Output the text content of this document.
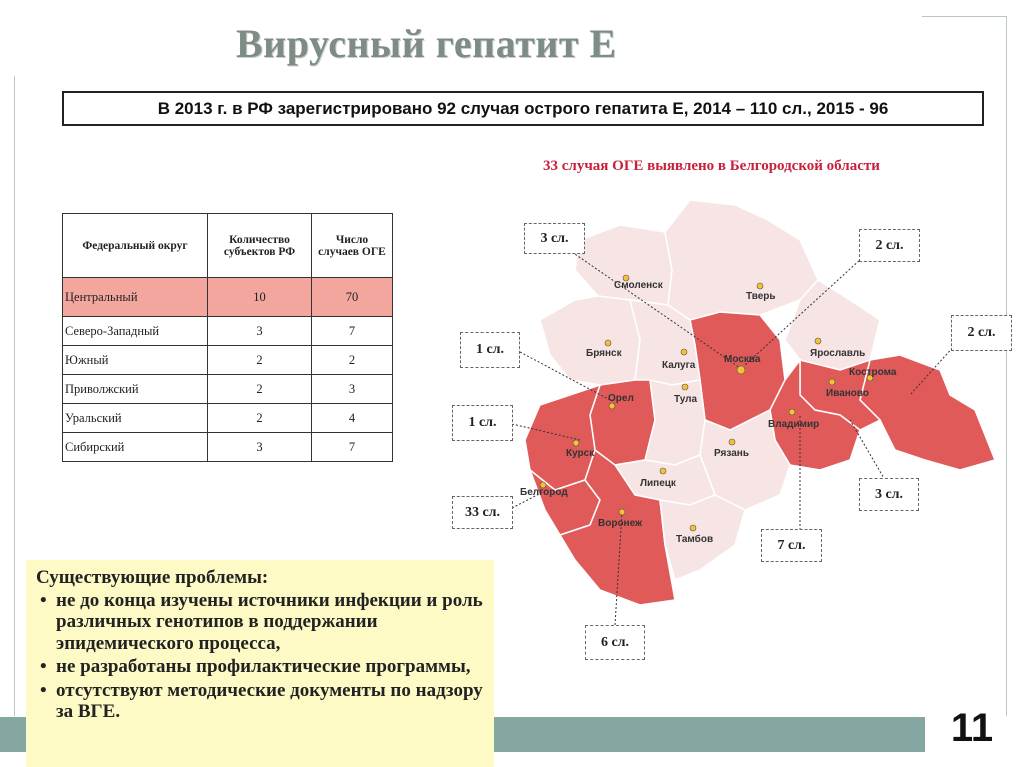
Вирусный гепатит Е
В 2013 г. в РФ зарегистрировано 92 случая острого гепатита Е, 2014 – 110 сл., 2015 - 96
33 случая ОГЕ выявлено в Белгородской области
Смоленск
Тверь
Москва
Брянск
Калуга
Ярославль
Кострома
Иваново
Орел	Тула
Владимир
Курск	Рязань
Липецк
Белгород
Воронеж
Тамбов
3 сл.	2 сл.
2 сл.
1 сл.
1 сл.
3 сл.
33 сл.
7 сл.
6 сл.
Федеральный округ	Количество субъектов РФ	Число случаев ОГЕ
Центральный	10	70
Северо-Западный	3	7
Южный	2	2
Приволжский	2	3
Уральский	2	4
Сибирский	3	7
Существующие проблемы:
• не до конца изучены источники инфекции и роль различных генотипов в поддержании эпидемического процесса,
• не разработаны профилактические программы,
• отсутствуют методические документы по надзору за ВГЕ.	11
